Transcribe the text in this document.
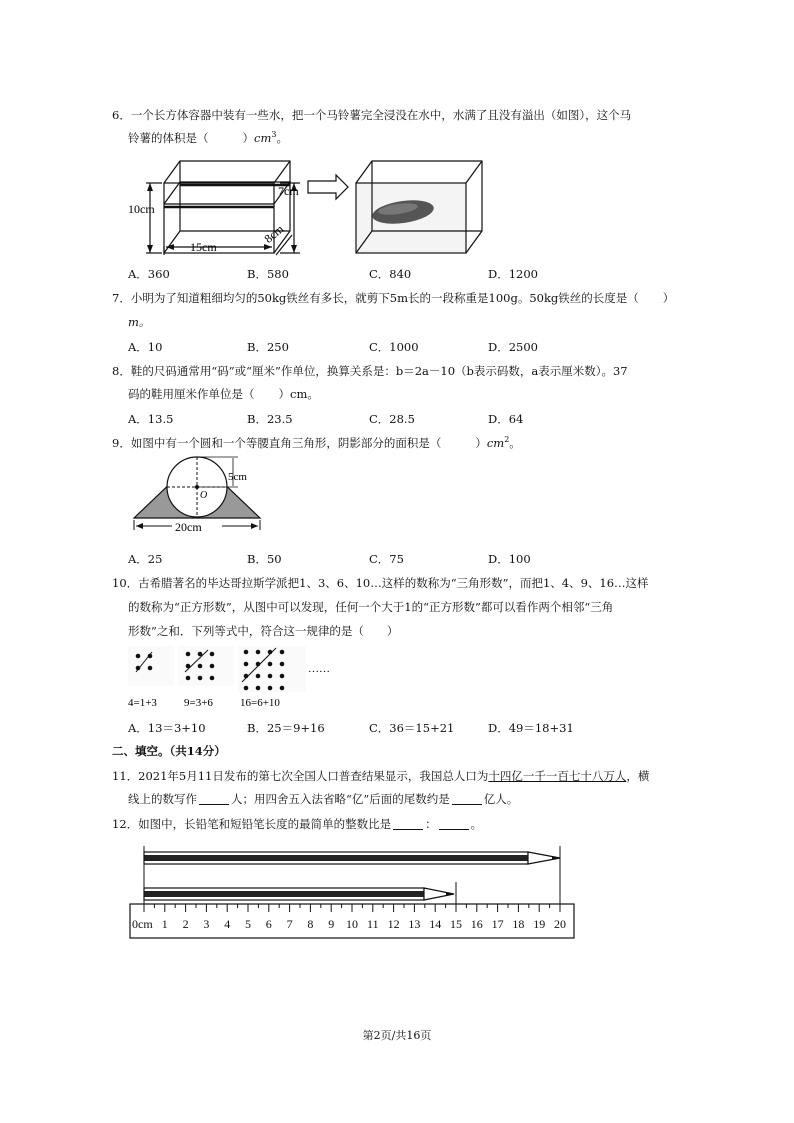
6．一个长方体容器中装有一些水，把一个马铃薯完全浸没在水中，水满了且没有溢出（如图），这个马
铃薯的体积是（	）$cm^3$。
10cm
7cm
8cm
15cm
A．360	B．580	C．840	D．1200
7．小明为了知道粗细均匀的50kg铁丝有多长，就剪下5m长的一段称重是100g。50kg铁丝的长度是（ ）
m。
A．10	B．250	C．1000	D．2500
8．鞋的尺码通常用“码”或“厘米”作单位，换算关系是：b＝2a－10（b表示码数，a表示厘米数）。37
码的鞋用厘米作单位是（ ）cm。
A．13.5	B．23.5	C．28.5	D．64
9．如图中有一个圆和一个等腰直角三角形，阴影部分的面积是（	）$cm^2$。
O
5cm
20cm
A．25	B．50	C．75	D．100
10．古希腊著名的毕达哥拉斯学派把1、3、6、10…这样的数称为“三角形数”，而把1、4、9、16…这样
的数称为“正方形数”，从图中可以发现，任何一个大于1的“正方形数”都可以看作两个相邻“三角
形数”之和．下列等式中，符合这一规律的是（　　）
4=1+3 9=3+6 16=6+10
……
A．13＝3+10	B．25＝9+16	C．36＝15+21	D．49＝18+31
二、填空。（共14分）
11．2021年5月11日发布的第七次全国人口普查结果显示，我国总人口为十四亿一千一百七十八万人，横
线上的数写作	人；用四舍五入法省略“亿”后面的尾数约是	亿人。
12．如图中，长铅笔和短铅笔长度的最简单的整数比是	：	。
0cm 1 2 3 4 5 6 7 8 9 10 11 12 13 14 15 16 17 18 19 20
第2页/共16页
